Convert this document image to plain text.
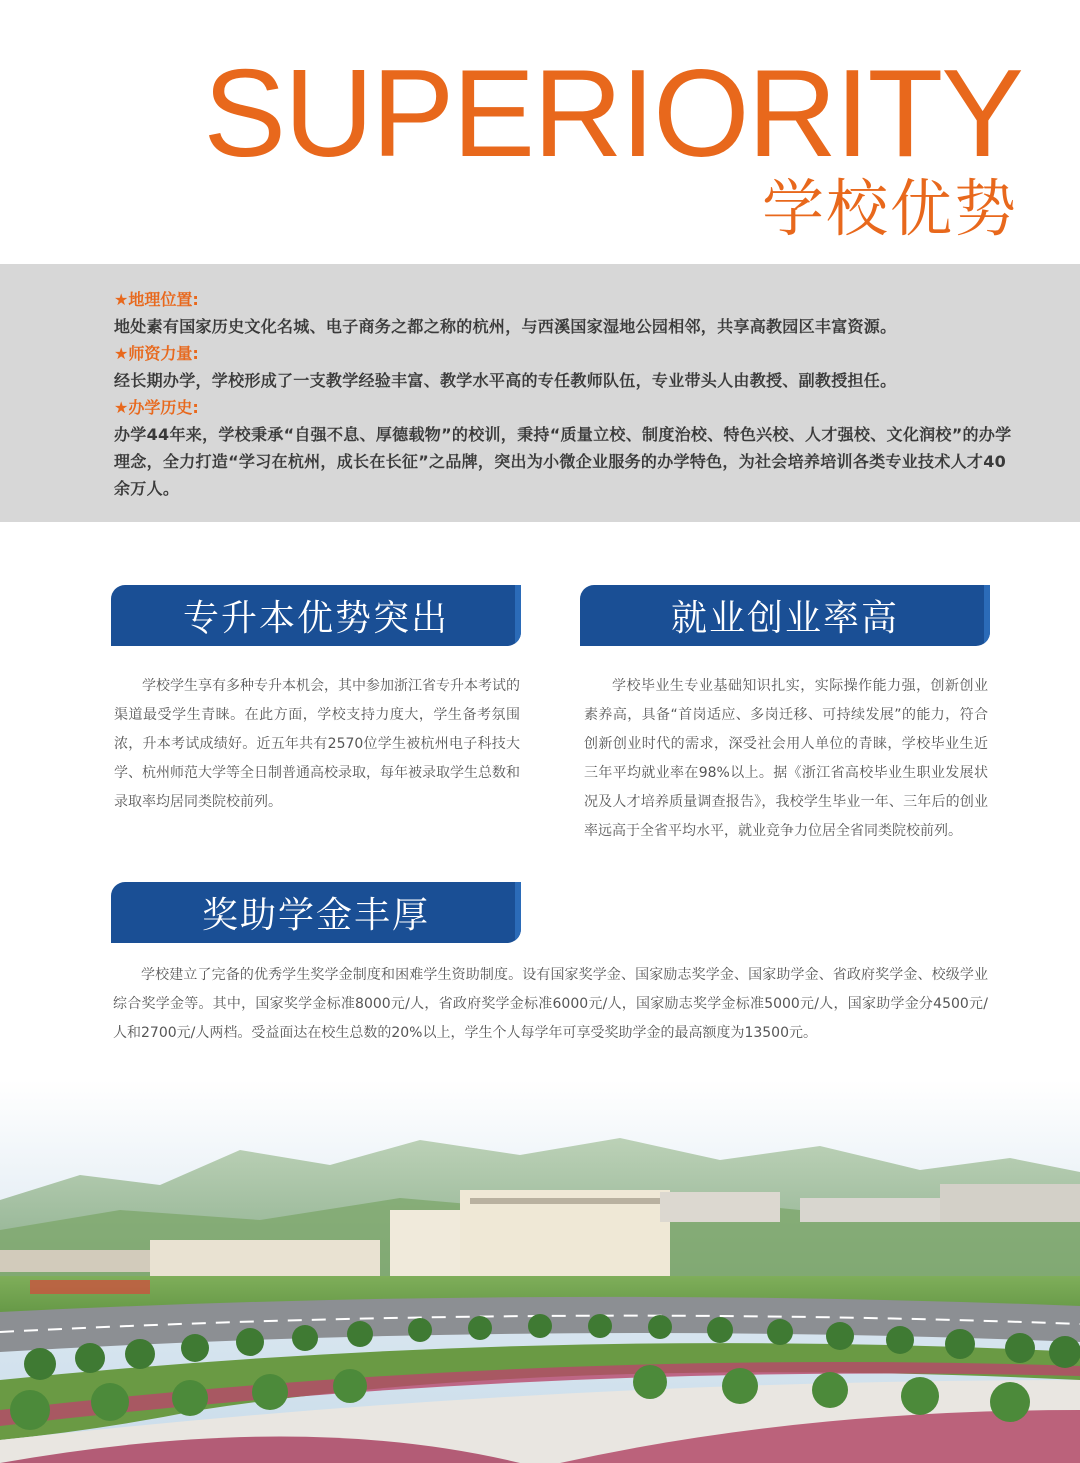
SUPERIORITY
学校优势
★地理位置:
地处素有国家历史文化名城、电子商务之都之称的杭州，与西溪国家湿地公园相邻，共享高教园区丰富资源。
★师资力量:
经长期办学，学校形成了一支教学经验丰富、教学水平高的专任教师队伍，专业带头人由教授、副教授担任。
★办学历史:
办学44年来，学校秉承“自强不息、厚德载物”的校训，秉持“质量立校、制度治校、特色兴校、人才强校、文化润校”的办学理念，全力打造“学习在杭州，成长在长征”之品牌，突出为小微企业服务的办学特色，为社会培养培训各类专业技术人才40余万人。
专升本优势突出
学校学生享有多种专升本机会，其中参加浙江省专升本考试的渠道最受学生青睐。在此方面，学校支持力度大，学生备考氛围浓，升本考试成绩好。近五年共有2570位学生被杭州电子科技大学、杭州师范大学等全日制普通高校录取，每年被录取学生总数和录取率均居同类院校前列。
就业创业率高
学校毕业生专业基础知识扎实，实际操作能力强，创新创业素养高，具备“首岗适应、多岗迁移、可持续发展”的能力，符合创新创业时代的需求，深受社会用人单位的青睐，学校毕业生近三年平均就业率在98%以上。据《浙江省高校毕业生职业发展状况及人才培养质量调查报告》，我校学生毕业一年、三年后的创业率远高于全省平均水平，就业竞争力位居全省同类院校前列。
奖助学金丰厚
学校建立了完备的优秀学生奖学金制度和困难学生资助制度。设有国家奖学金、国家励志奖学金、国家助学金、省政府奖学金、校级学业综合奖学金等。其中，国家奖学金标准8000元/人，省政府奖学金标准6000元/人，国家励志奖学金标准5000元/人，国家助学金分4500元/人和2700元/人两档。受益面达在校生总数的20%以上，学生个人每学年可享受奖助学金的最高额度为13500元。
